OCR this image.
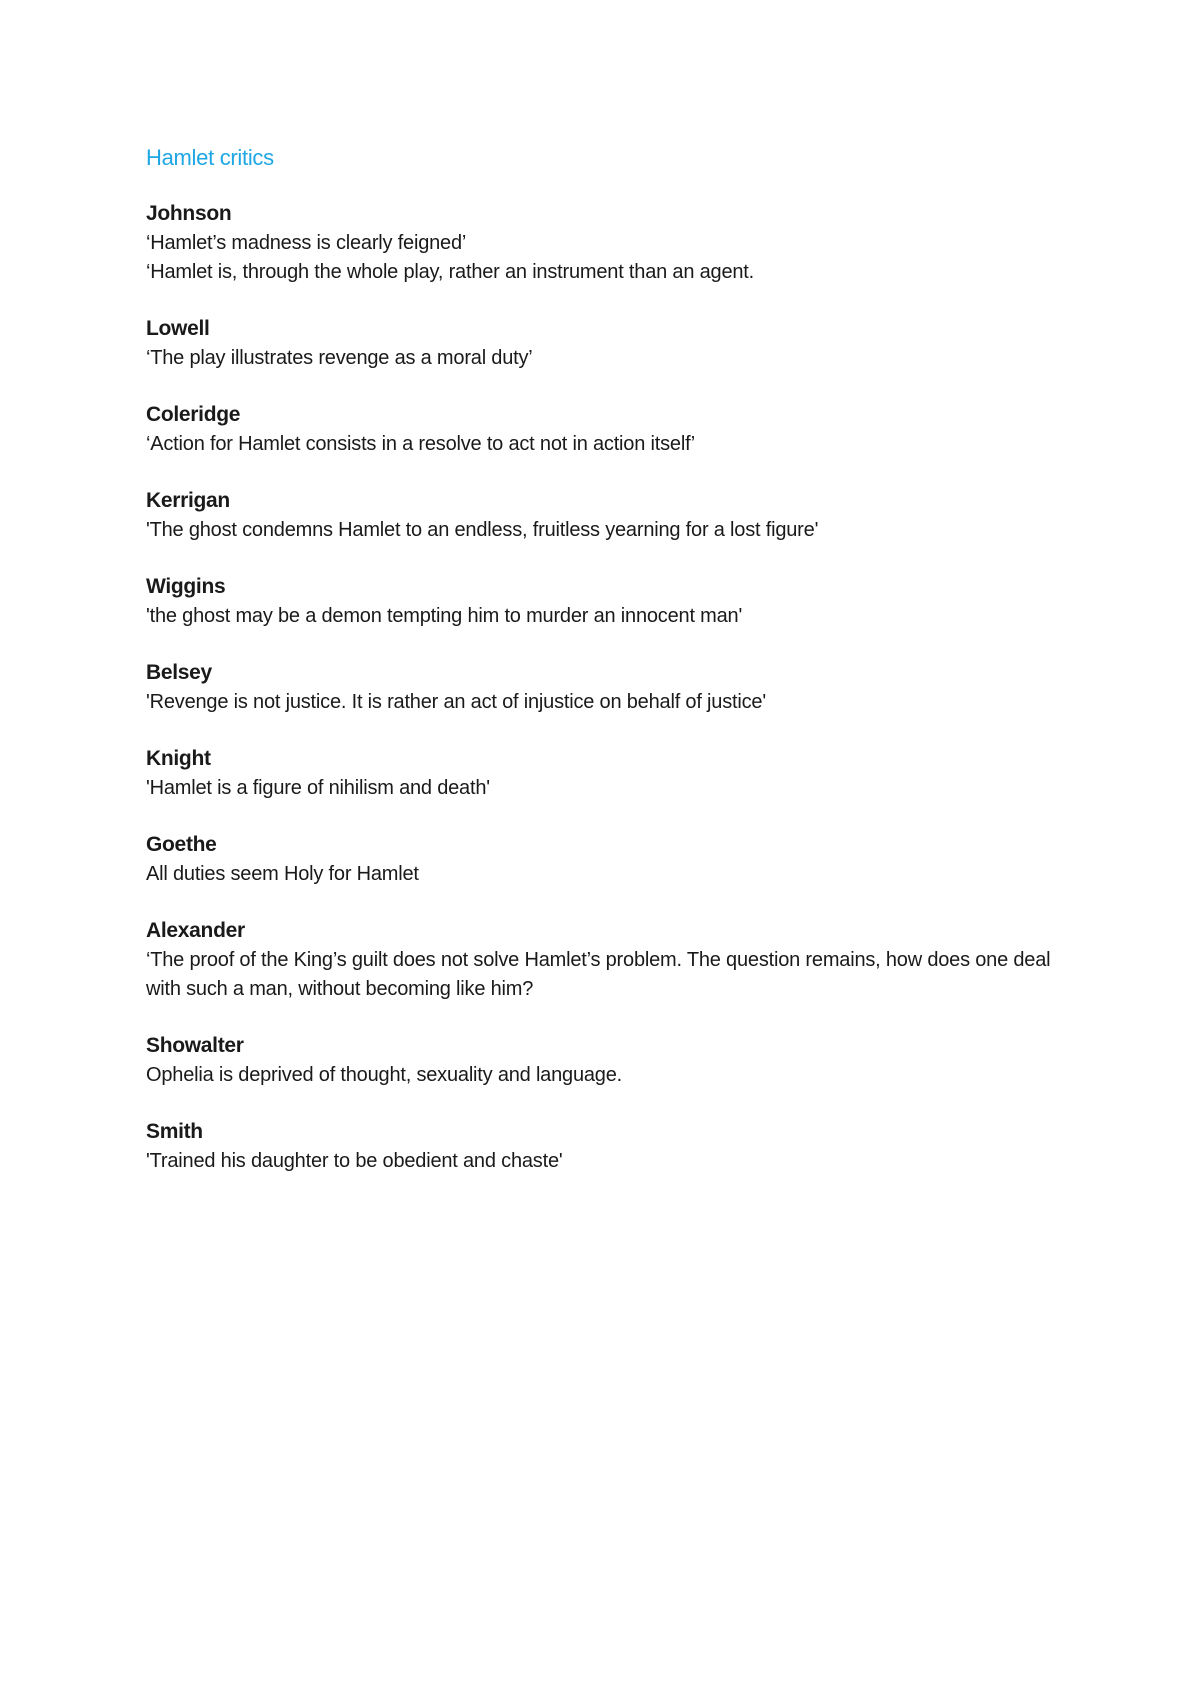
Hamlet critics
Johnson
‘Hamlet’s madness is clearly feigned’
‘Hamlet is, through the whole play, rather an instrument than an agent.
Lowell
‘The play illustrates revenge as a moral duty’
Coleridge
‘Action for Hamlet consists in a resolve to act not in action itself’
Kerrigan
'The ghost condemns Hamlet to an endless, fruitless yearning for a lost figure'
Wiggins
'the ghost may be a demon tempting him to murder an innocent man'
Belsey
'Revenge is not justice. It is rather an act of injustice on behalf of justice'
Knight
'Hamlet is a figure of nihilism and death'
Goethe
All duties seem Holy for Hamlet
Alexander
‘The proof of the King’s guilt does not solve Hamlet’s problem. The question remains, how does one deal with such a man, without becoming like him?
Showalter
Ophelia is deprived of thought, sexuality and language.
Smith
'Trained his daughter to be obedient and chaste'
